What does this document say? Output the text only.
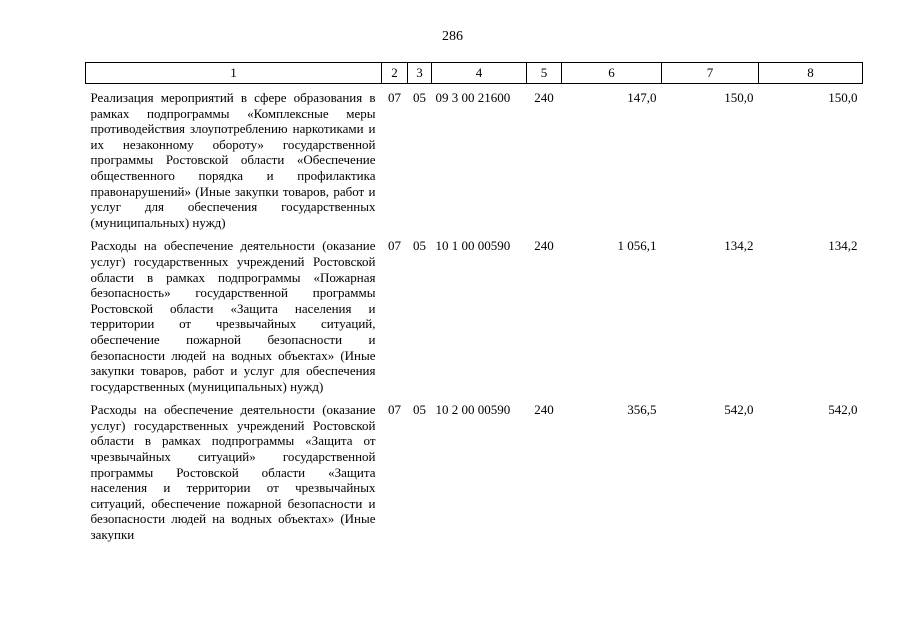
286
1	2	3	4	5	6	7	8
Реализация мероприятий в сфере образования в рамках подпрограммы «Комплексные меры противодействия злоупотреблению наркотиками и их незаконному обороту» государственной программы Ростовской области «Обеспечение общественного порядка и профилактика правонарушений» (Иные закупки товаров, работ и услуг для обеспечения государственных (муниципальных) нужд)	07	05	09 3 00 21600	240	147,0	150,0	150,0
Расходы на обеспечение деятельности (оказание услуг) государственных учреждений Ростовской области в рамках подпрограммы «Пожарная безопасность» государственной программы Ростовской области «Защита населения и территории от чрезвычайных ситуаций, обеспечение пожарной безопасности и безопасности людей на водных объектах» (Иные закупки товаров, работ и услуг для обеспечения государственных (муниципальных) нужд)	07	05	10 1 00 00590	240	1 056,1	134,2	134,2
Расходы на обеспечение деятельности (оказание услуг) государственных учреждений Ростовской области в рамках подпрограммы «Защита от чрезвычайных ситуаций» государственной программы Ростовской области «Защита населения и территории от чрезвычайных ситуаций, обеспечение пожарной безопасности и безопасности людей на водных объектах» (Иные закупки	07	05	10 2 00 00590	240	356,5	542,0	542,0
